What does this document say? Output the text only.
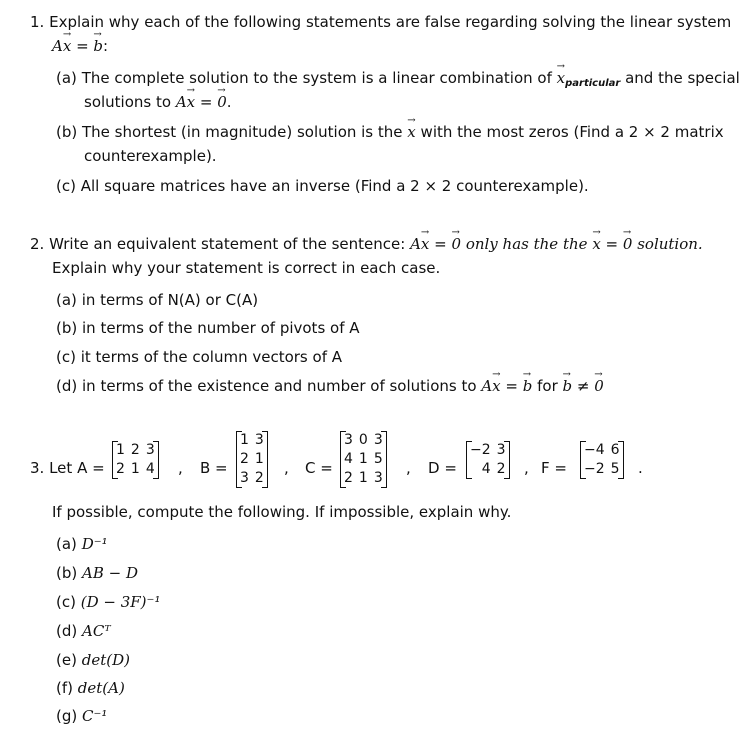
1. Explain why each of the following statements are false regarding solving the linear system
A→ x = → b:
(a) The complete solution to the system is a linear combination of → $x_{particular}$ and the special
solutions to A→ x = → 0.
(b) The shortest (in magnitude) solution is the → x with the most zeros (Find a 2 × 2 matrix
counterexample).
(c) All square matrices have an inverse (Find a 2 × 2 counterexample).
2. Write an equivalent statement of the sentence: A→ x = → 0 only has the the → x = → 0 solution.
Explain why your statement is correct in each case.
(a) in terms of N(A) or C(A)
(b) in terms of the number of pivots of A
(c) it terms of the column vectors of A
(d) in terms of the existence and number of solutions to A→ x = → b for → b ≠ → 0
3. Let A =
1 2 3
2 1 4 , B =
1 3
2 1
3 2
, C =
3 0 3
4 1 5
2 1 3
, D =
−2 3
4 2 , F =
−4 6
−2 5 .
If possible, compute the following. If impossible, explain why.
(a) D⁻¹
(b) AB − D
(c) (D − 3F)⁻¹
(d) ACᵀ
(e) det(D)
(f) det(A)
(g) C⁻¹
